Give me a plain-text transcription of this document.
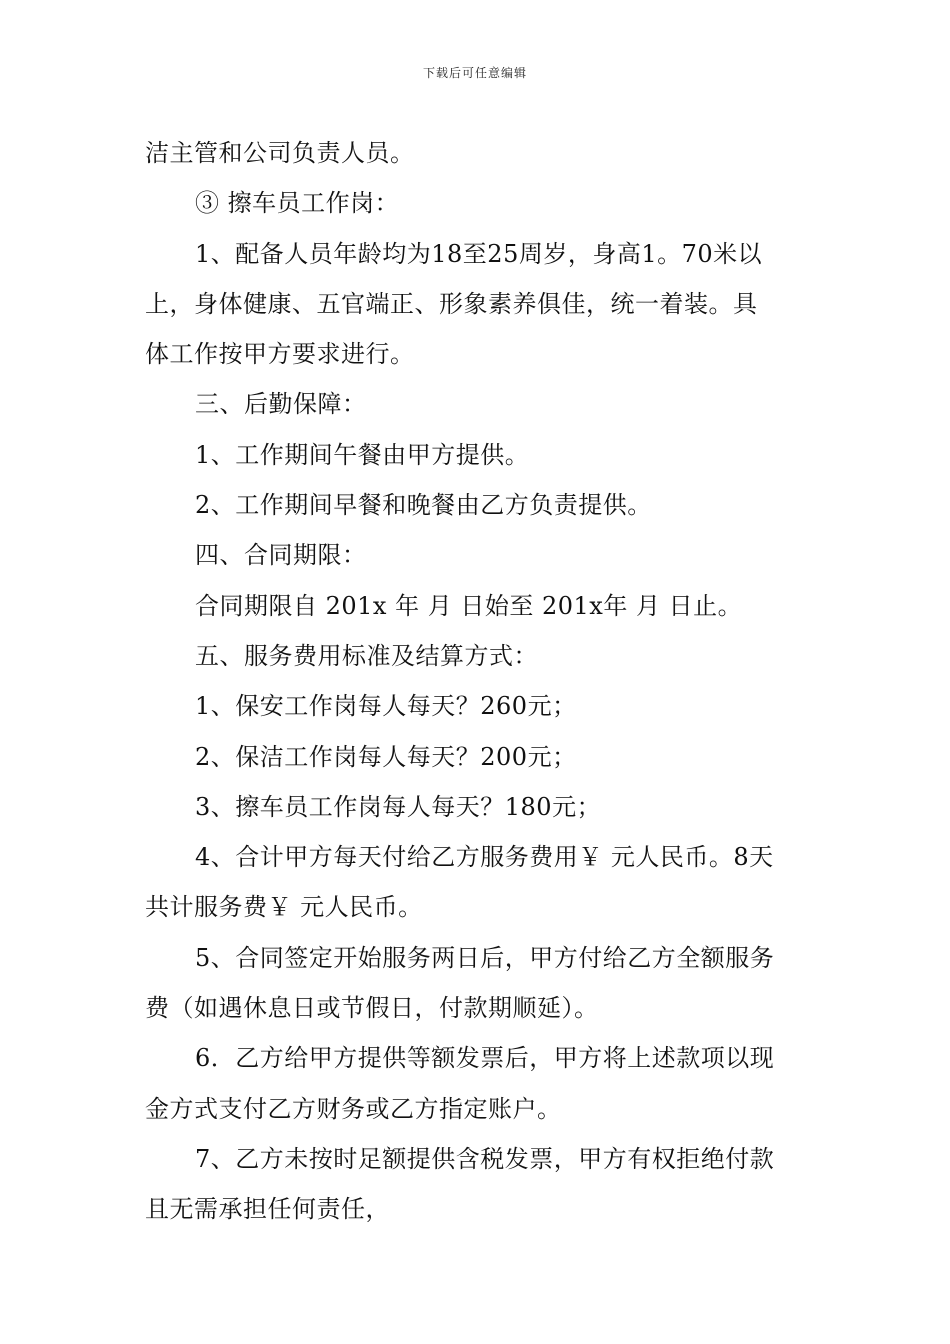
下载后可任意编辑
洁主管和公司负责人员。
③ 擦车员工作岗：
1、配备人员年龄均为18至25周岁，身高1。70米以
上，身体健康、五官端正、形象素养俱佳，统一着装。具
体工作按甲方要求进行。
三、后勤保障：
1、工作期间午餐由甲方提供。
2、工作期间早餐和晚餐由乙方负责提供。
四、合同期限：
合同期限自 201x 年 月 日始至 201x年 月 日止。
五、服务费用标准及结算方式：
1、保安工作岗每人每天？260元；
2、保洁工作岗每人每天？200元；
3、擦车员工作岗每人每天？180元；
4、合计甲方每天付给乙方服务费用￥ 元人民币。8天
共计服务费￥ 元人民币。
5、合同签定开始服务两日后，甲方付给乙方全额服务
费（如遇休息日或节假日，付款期顺延）。
6．乙方给甲方提供等额发票后，甲方将上述款项以现
金方式支付乙方财务或乙方指定账户。
7、乙方未按时足额提供含税发票，甲方有权拒绝付款
且无需承担任何责任，
